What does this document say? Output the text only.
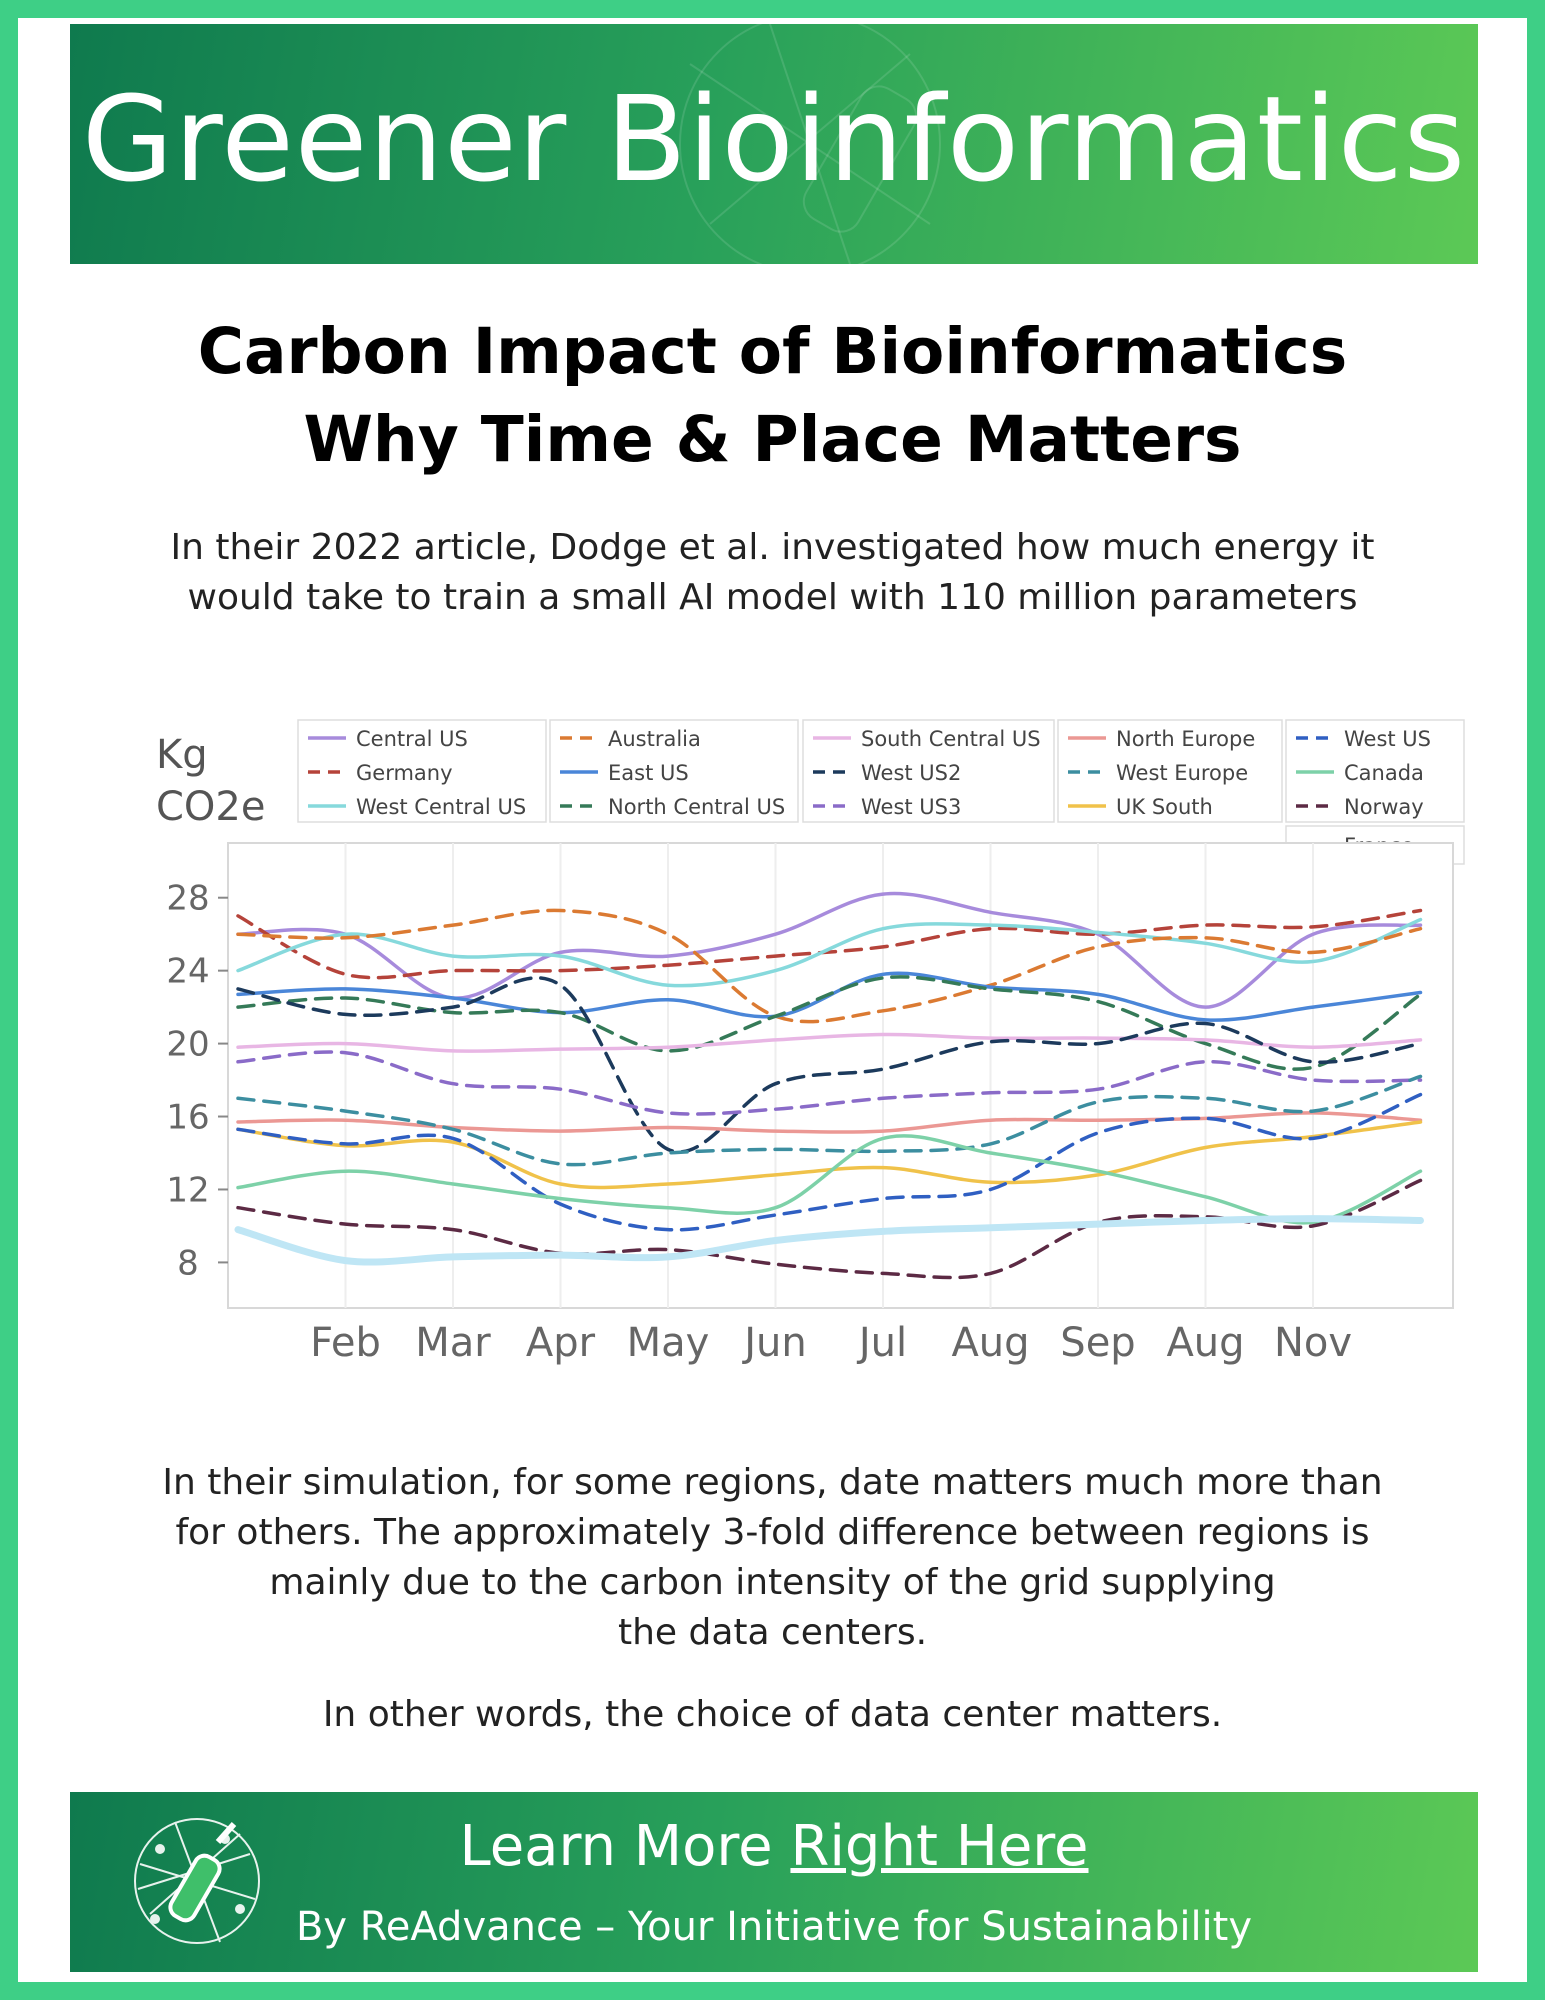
Greener Bioinformatics
Carbon Impact of Bioinformatics
Why Time & Place Matters
In their 2022 article, Dodge et al. investigated how much energy it
would take to train a small AI model with 110 million parameters
Central US
Germany
West Central US
Australia
East US
North Central US
South Central US
West US2
West US3
North Europe
West Europe
UK South
West US
Canada
Norway
Kg
CO2e
8
12
16
20
24
28
Feb Mar Apr May Jun Jul Aug Sep Aug Nov
In their simulation, for some regions, date matters much more than
for others. The approximately 3-fold difference between regions is
mainly due to the carbon intensity of the grid supplying
the data centers.
In other words, the choice of data center matters.
Learn More Right Here
By ReAdvance – Your Initiative for Sustainability
